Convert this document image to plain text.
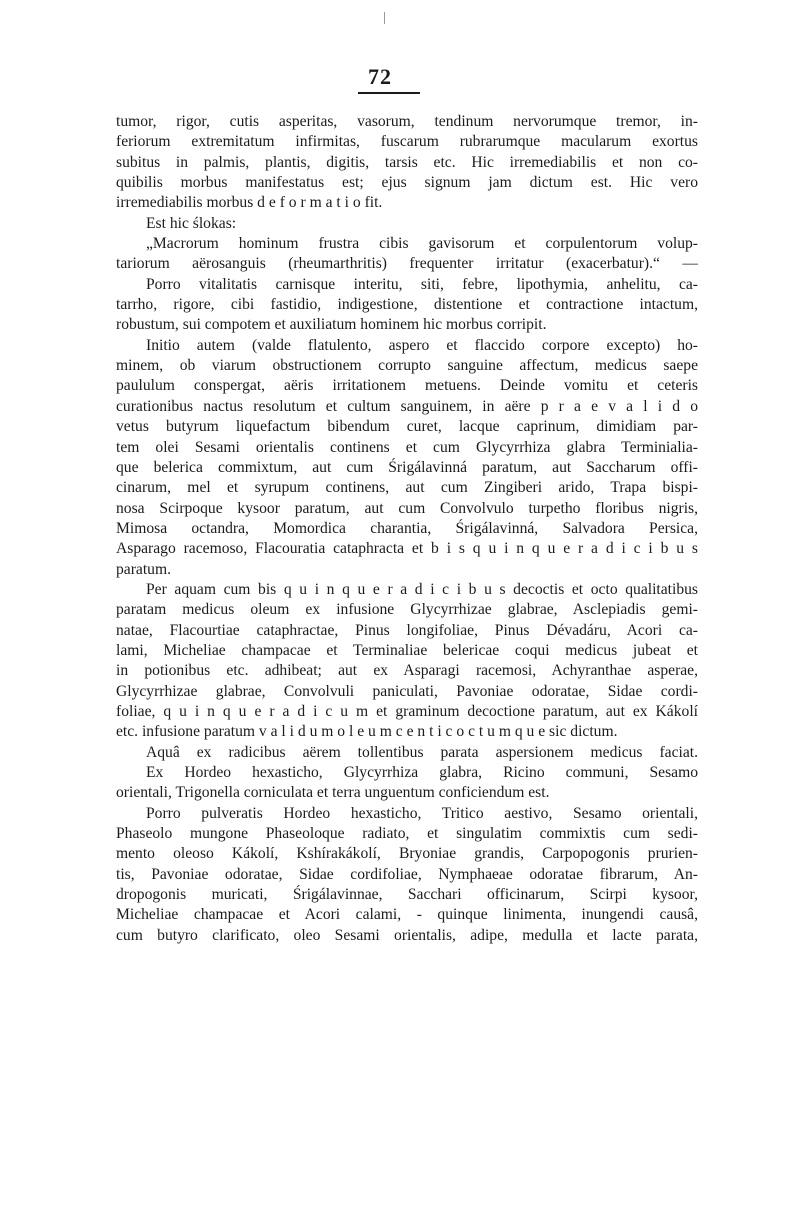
72
tumor, rigor, cutis asperitas, vasorum, tendinum nervorumque tremor, in-
feriorum extremitatum infirmitas, fuscarum rubrarumque macularum exortus
subitus in palmis, plantis, digitis, tarsis etc. Hic irremediabilis et non co-
quibilis morbus manifestatus est; ejus signum jam dictum est. Hic vero
irremediabilis morbus d e f o r m a t i o fit.
Est hic ślokas:
„Macrorum hominum frustra cibis gavisorum et corpulentorum volup-
tariorum aërosanguis (rheumarthritis) frequenter irritatur (exacerbatur).“ —
Porro vitalitatis carnisque interitu, siti, febre, lipothymia, anhelitu, ca-
tarrho, rigore, cibi fastidio, indigestione, distentione et contractione intactum,
robustum, sui compotem et auxiliatum hominem hic morbus corripit.
Initio autem (valde flatulento, aspero et flaccido corpore excepto) ho-
minem, ob viarum obstructionem corrupto sanguine affectum, medicus saepe
paululum conspergat, aëris irritationem metuens. Deinde vomitu et ceteris
curationibus nactus resolutum et cultum sanguinem, in aëre p r a e v a l i d o
vetus butyrum liquefactum bibendum curet, lacque caprinum, dimidiam par-
tem olei Sesami orientalis continens et cum Glycyrrhiza glabra Terminialia-
que belerica commixtum, aut cum Śrigálavinná paratum, aut Saccharum offi-
cinarum, mel et syrupum continens, aut cum Zingiberi arido, Trapa bispi-
nosa Scirpoque kysoor paratum, aut cum Convolvulo turpetho floribus nigris,
Mimosa octandra, Momordica charantia, Śrigálavinná, Salvadora Persica,
Asparago racemoso, Flacouratia cataphracta et b i s q u i n q u e r a d i c i b u s
paratum.
Per aquam cum bis q u i n q u e r a d i c i b u s decoctis et octo qualitatibus
paratam medicus oleum ex infusione Glycyrrhizae glabrae, Asclepiadis gemi-
natae, Flacourtiae cataphractae, Pinus longifoliae, Pinus Dévadáru, Acori ca-
lami, Micheliae champacae et Terminaliae belericae coqui medicus jubeat et
in potionibus etc. adhibeat; aut ex Asparagi racemosi, Achyranthae asperae,
Glycyrrhizae glabrae, Convolvuli paniculati, Pavoniae odoratae, Sidae cordi-
foliae, q u i n q u e r a d i c u m et graminum decoctione paratum, aut ex Kákolí
etc. infusione paratum v a l i d u m o l e u m c e n t i c o c t u m q u e sic dictum.
Aquâ ex radicibus aërem tollentibus parata aspersionem medicus faciat.
Ex Hordeo hexasticho, Glycyrrhiza glabra, Ricino communi, Sesamo
orientali, Trigonella corniculata et terra unguentum conficiendum est.
Porro pulveratis Hordeo hexasticho, Tritico aestivo, Sesamo orientali,
Phaseolo mungone Phaseoloque radiato, et singulatim commixtis cum sedi-
mento oleoso Kákolí, Kshírakákolí, Bryoniae grandis, Carpopogonis prurien-
tis, Pavoniae odoratae, Sidae cordifoliae, Nymphaeae odoratae fibrarum, An-
dropogonis muricati, Śrigálavinnae, Sacchari officinarum, Scirpi kysoor,
Micheliae champacae et Acori calami, - quinque linimenta, inungendi causâ,
cum butyro clarificato, oleo Sesami orientalis, adipe, medulla et lacte parata,
